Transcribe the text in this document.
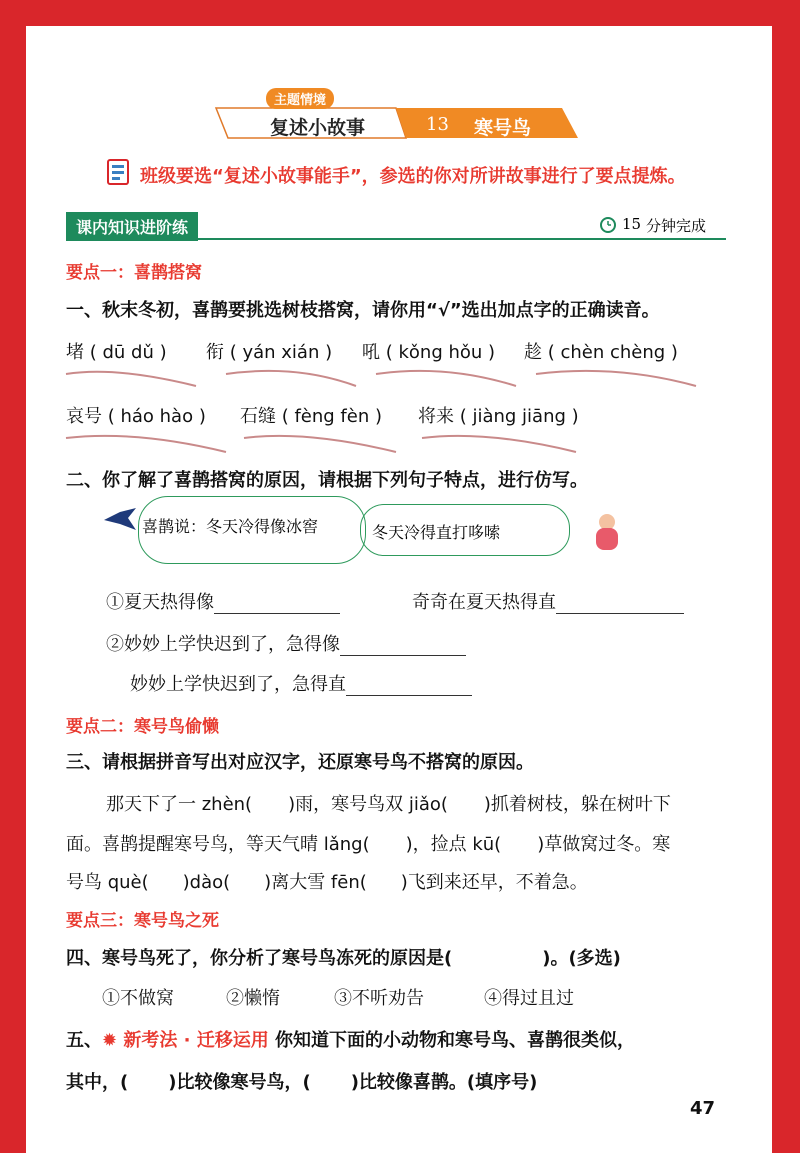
主题情境
复述小故事	13 寒号鸟
班级要选“复述小故事能手”，参选的你对所讲故事进行了要点提炼。
课内知识进阶练	15 分钟完成
要点一：喜鹊搭窝
一、秋末冬初，喜鹊要挑选树枝搭窝，请你用“√”选出加点字的正确读音。
堵 ( dū dǔ ) 衔 ( yán xián ) 吼 ( kǒng hǒu ) 趁 ( chèn chèng )
哀号 ( háo hào ) 石缝 ( fèng fèn ) 将来 ( jiàng jiāng )
二、你了解了喜鹊搭窝的原因，请根据下列句子特点，进行仿写。
喜鹊说：冬天冷得像冰窖	冬天冷得直打哆嗦
①夏天热得像	奇奇在夏天热得直
②妙妙上学快迟到了，急得像
妙妙上学快迟到了，急得直
要点二：寒号鸟偷懒
三、请根据拼音写出对应汉字，还原寒号鸟不搭窝的原因。
那天下了一 zhèn( )雨，寒号鸟双 jiǎo( )抓着树枝，躲在树叶下
面。喜鹊提醒寒号鸟，等天气晴 lǎng( )，捡点 kū( )草做窝过冬。寒
号鸟 què( )dào( )离大雪 fēn( )飞到来还早，不着急。
要点三：寒号鸟之死
四、寒号鸟死了，你分析了寒号鸟冻死的原因是(	)。(多选)
①不做窝	②懒惰	③不听劝告	④得过且过
五、✹ 新考法 · 迁移运用 你知道下面的小动物和寒号鸟、喜鹊很类似，
其中，( )比较像寒号鸟，( )比较像喜鹊。(填序号)
47
